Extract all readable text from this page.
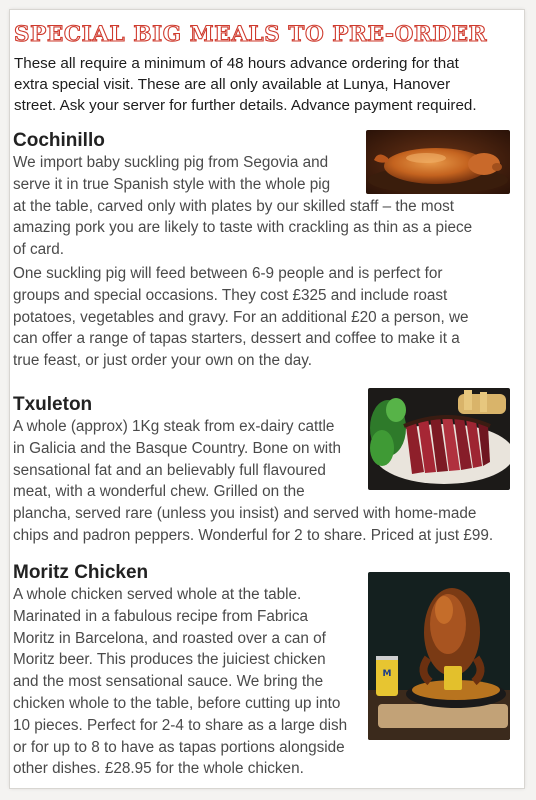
SPECIAL BIG MEALS TO PRE-ORDER
These all require a minimum of 48 hours advance ordering for that
extra special visit. These are all only available at Lunya, Hanover
street. Ask your server for further details. Advance payment required.
Cochinillo
We import baby suckling pig from Segovia and
serve it in true Spanish style with the whole pig
at the table, carved only with plates by our skilled staff – the most
amazing pork you are likely to taste with crackling as thin as a piece
of card.
One suckling pig will feed between 6-9 people and is perfect for
groups and special occasions. They cost £325 and include roast
potatoes, vegetables and gravy. For an additional £20 a person, we
can offer a range of tapas starters, dessert and coffee to make it a
true feast, or just order your own on the day.
Txuleton
A whole (approx) 1Kg steak from ex-dairy cattle
in Galicia and the Basque Country. Bone on with
sensational fat and an believably full flavoured
meat, with a wonderful chew. Grilled on the
plancha, served rare (unless you insist) and served with home-made
chips and padron peppers. Wonderful for 2 to share. Priced at just £99.
Moritz Chicken
A whole chicken served whole at the table.
Marinated in a fabulous recipe from Fabrica
Moritz in Barcelona, and roasted over a can of
Moritz beer. This produces the juiciest chicken
and the most sensational sauce. We bring the
chicken whole to the table, before cutting up into
10 pieces. Perfect for 2-4 to share as a large dish
or for up to 8 to have as tapas portions alongside
other dishes. £28.95 for the whole chicken.
M
